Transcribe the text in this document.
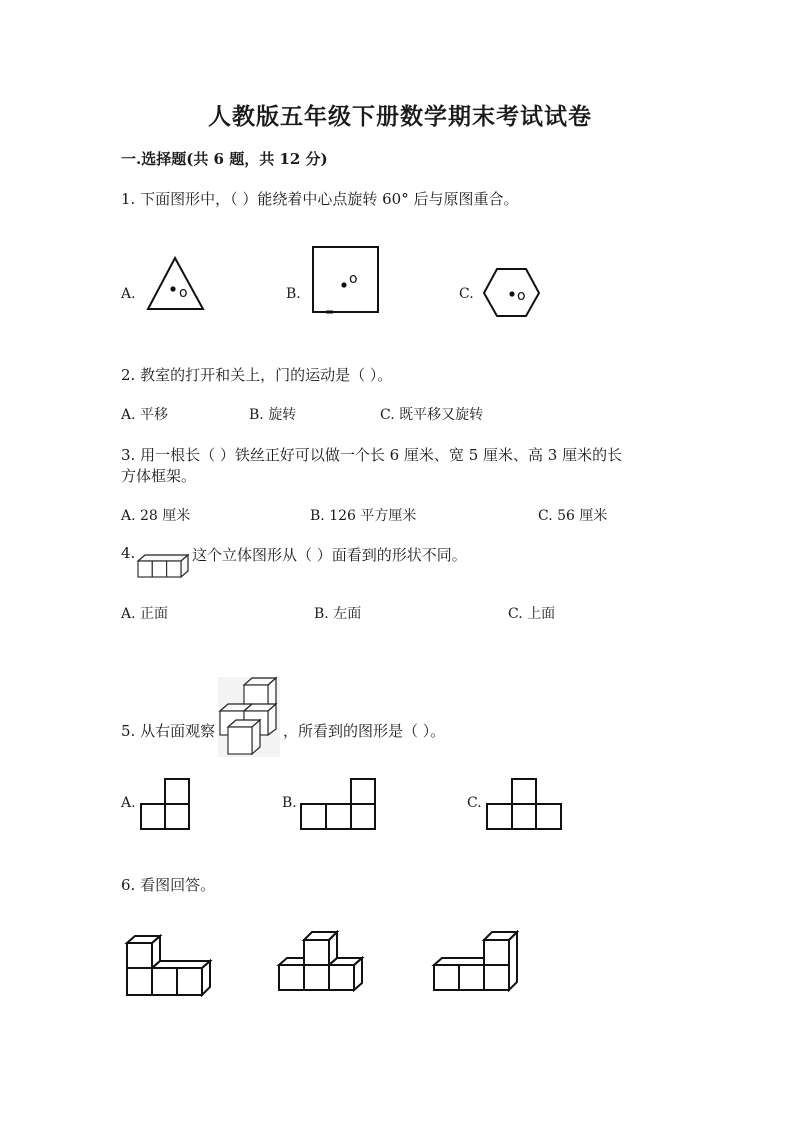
人教版五年级下册数学期末考试试卷
一.选择题(共 6 题，共 12 分)
1. 下面图形中，（ ）能绕着中心点旋转 60° 后与原图重合。
A.	o	B.
o
C.	o
2. 教室的打开和关上，门的运动是（ ）。
A. 平移	B. 旋转	C. 既平移又旋转
3. 用一根长（ ）铁丝正好可以做一个长 6 厘米、宽 5 厘米、高 3 厘米的长
方体框架。
A. 28 厘米	B. 126 平方厘米	C. 56 厘米
4.	这个立体图形从（ ）面看到的形状不同。
A. 正面	B. 左面	C. 上面
5. 从右面观察	，所看到的图形是（ ）。
A.	B.	C.
6. 看图回答。
